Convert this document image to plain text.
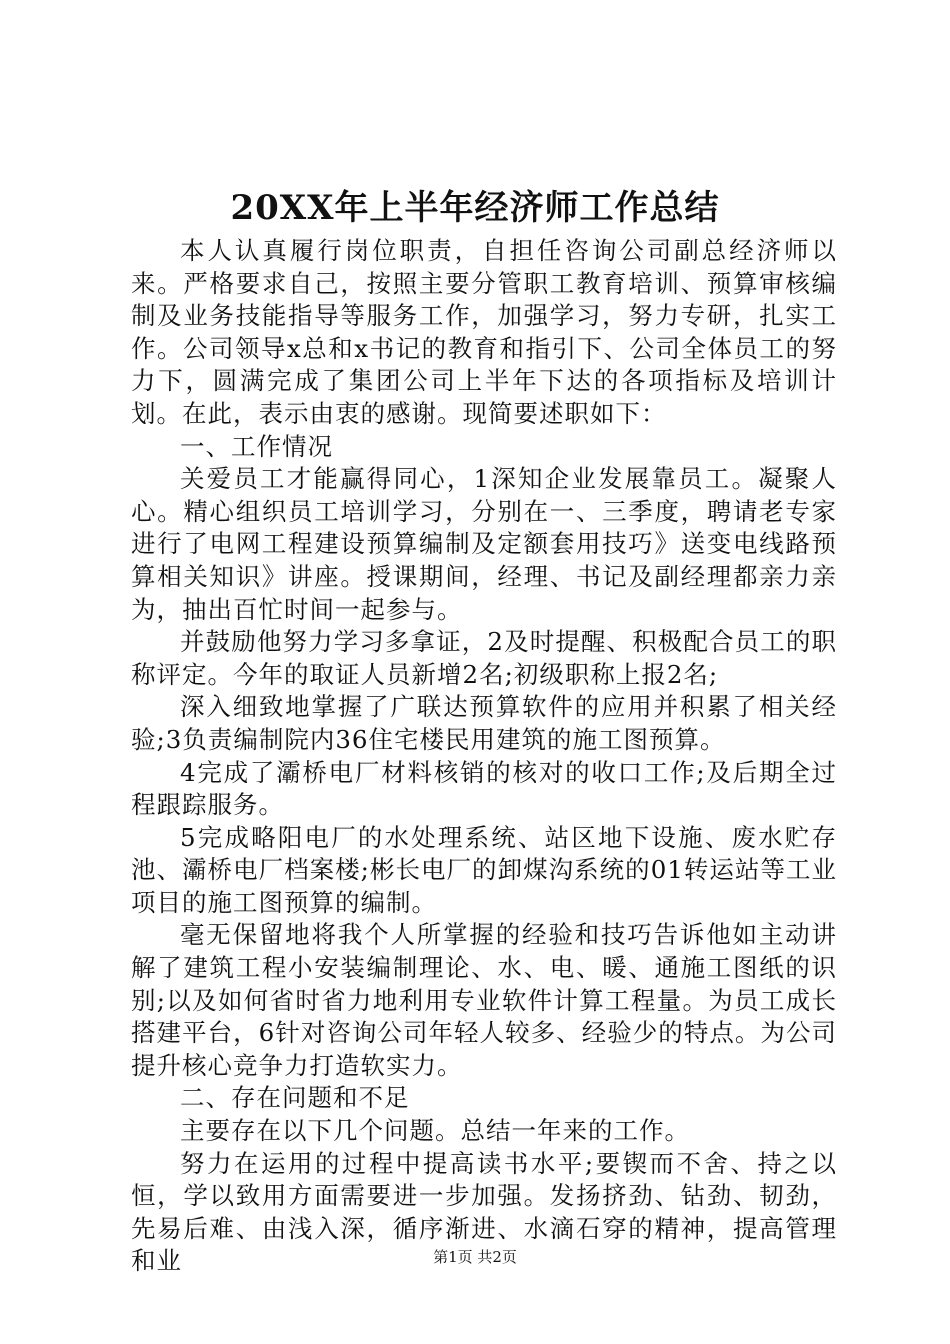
20XX年上半年经济师工作总结

本人认真履行岗位职责，自担任咨询公司副总经济师以来。严格要求自己，按照主要分管职工教育培训、预算审核编制及业务技能指导等服务工作，加强学习，努力专研，扎实工作。公司领导x总和x书记的教育和指引下、公司全体员工的努力下，圆满完成了集团公司上半年下达的各项指标及培训计划。在此，表示由衷的感谢。现简要述职如下：

一、工作情况

关爱员工才能赢得同心，1深知企业发展靠员工。凝聚人心。精心组织员工培训学习，分别在一、三季度，聘请老专家进行了电网工程建设预算编制及定额套用技巧》送变电线路预算相关知识》讲座。授课期间，经理、书记及副经理都亲力亲为，抽出百忙时间一起参与。

并鼓励他努力学习多拿证，2及时提醒、积极配合员工的职称评定。今年的取证人员新增2名;初级职称上报2名;

深入细致地掌握了广联达预算软件的应用并积累了相关经验;3负责编制院内36住宅楼民用建筑的施工图预算。

4完成了灞桥电厂材料核销的核对的收口工作;及后期全过程跟踪服务。

5完成略阳电厂的水处理系统、站区地下设施、废水贮存池、灞桥电厂档案楼;彬长电厂的卸煤沟系统的01转运站等工业项目的施工图预算的编制。

毫无保留地将我个人所掌握的经验和技巧告诉他如主动讲解了建筑工程小安装编制理论、水、电、暖、通施工图纸的识别;以及如何省时省力地利用专业软件计算工程量。为员工成长搭建平台，6针对咨询公司年轻人较多、经验少的特点。为公司提升核心竞争力打造软实力。

二、存在问题和不足

主要存在以下几个问题。总结一年来的工作。

努力在运用的过程中提高读书水平;要锲而不舍、持之以恒，学以致用方面需要进一步加强。发扬挤劲、钻劲、韧劲，先易后难、由浅入深，循序渐进、水滴石穿的精神，提高管理和业	第1页 共2页
